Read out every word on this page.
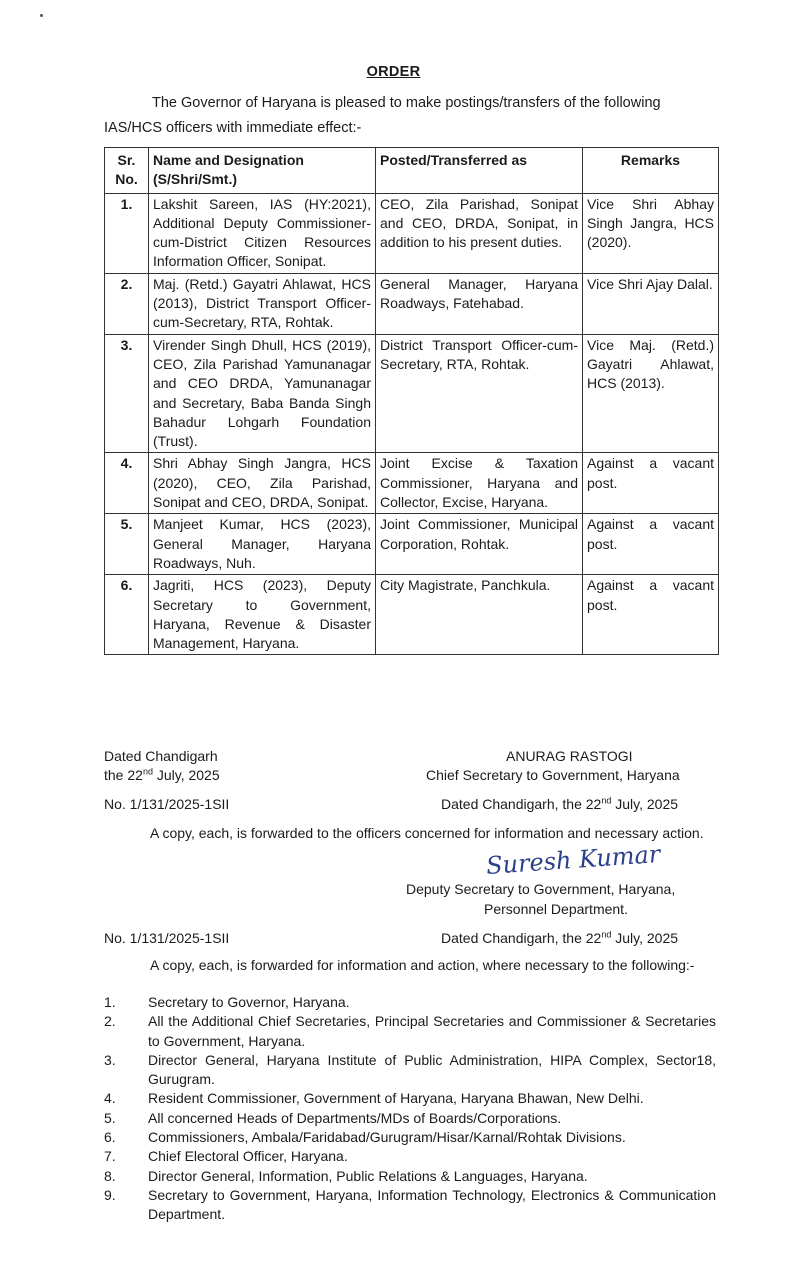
ORDER
The Governor of Haryana is pleased to make postings/transfers of the following
IAS/HCS officers with immediate effect:-
Sr. No.	Name and Designation (S/Shri/Smt.)	Posted/Transferred as	Remarks
1.	Lakshit Sareen, IAS (HY:2021), Additional Deputy Commissioner-cum-District Citizen Resources Information Officer, Sonipat.	CEO, Zila Parishad, Sonipat and CEO, DRDA, Sonipat, in addition to his present duties.	Vice Shri Abhay Singh Jangra, HCS (2020).
2.	Maj. (Retd.) Gayatri Ahlawat, HCS (2013), District Transport Officer-cum-Secretary, RTA, Rohtak.	General Manager, Haryana Roadways, Fatehabad.	Vice Shri Ajay Dalal.
3.	Virender Singh Dhull, HCS (2019), CEO, Zila Parishad Yamunanagar and CEO DRDA, Yamunanagar and Secretary, Baba Banda Singh Bahadur Lohgarh Foundation (Trust).	District Transport Officer-cum-Secretary, RTA, Rohtak.	Vice Maj. (Retd.) Gayatri Ahlawat, HCS (2013).
4.	Shri Abhay Singh Jangra, HCS (2020), CEO, Zila Parishad, Sonipat and CEO, DRDA, Sonipat.	Joint Excise & Taxation Commissioner, Haryana and Collector, Excise, Haryana.	Against a vacant post.
5.	Manjeet Kumar, HCS (2023), General Manager, Haryana Roadways, Nuh.	Joint Commissioner, Municipal Corporation, Rohtak.	Against a vacant post.
6.	Jagriti, HCS (2023), Deputy Secretary to Government, Haryana, Revenue & Disaster Management, Haryana.	City Magistrate, Panchkula.	Against a vacant post.
Dated Chandigarh
the 22nd July, 2025
ANURAG RASTOGI
Chief Secretary to Government, Haryana
No. 1/131/2025-1SII	Dated Chandigarh, the 22nd July, 2025
A copy, each, is forwarded to the officers concerned for information and necessary action.
Suresh Kumar
Deputy Secretary to Government, Haryana,
Personnel Department.
No. 1/131/2025-1SII	Dated Chandigarh, the 22nd July, 2025
A copy, each, is forwarded for information and action, where necessary to the following:-
1.	Secretary to Governor, Haryana.
2.	All the Additional Chief Secretaries, Principal Secretaries and Commissioner & Secretaries to Government, Haryana.
3.	Director General, Haryana Institute of Public Administration, HIPA Complex, Sector18, Gurugram.
4.	Resident Commissioner, Government of Haryana, Haryana Bhawan, New Delhi.
5.	All concerned Heads of Departments/MDs of Boards/Corporations.
6.	Commissioners, Ambala/Faridabad/Gurugram/Hisar/Karnal/Rohtak Divisions.
7.	Chief Electoral Officer, Haryana.
8.	Director General, Information, Public Relations & Languages, Haryana.
9.	Secretary to Government, Haryana, Information Technology, Electronics & Communication Department.
